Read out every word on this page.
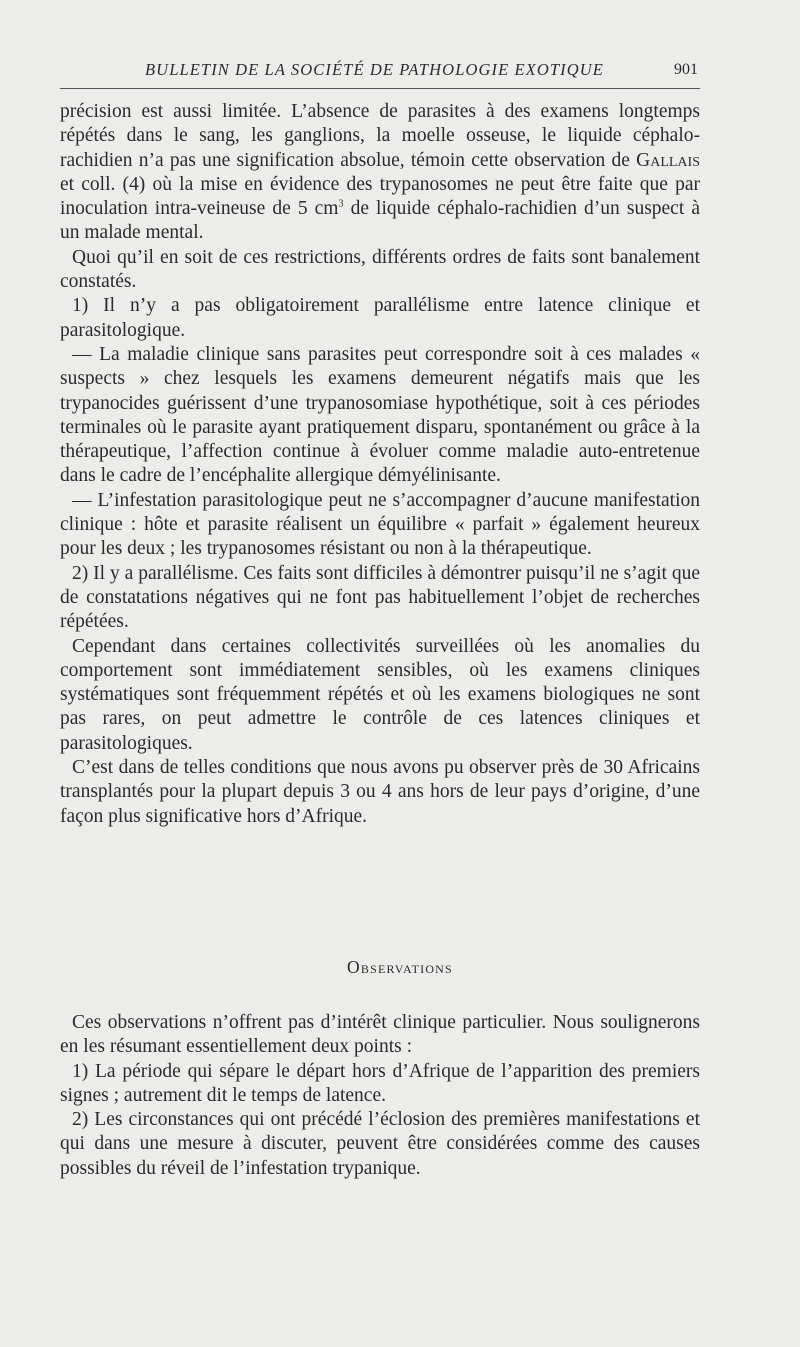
BULLETIN DE LA SOCIÉTÉ DE PATHOLOGIE EXOTIQUE	901

précision est aussi limitée. L’absence de parasites à des examens longtemps répétés dans le sang, les ganglions, la moelle osseuse, le liquide céphalo-rachidien n’a pas une signification absolue, témoin cette observation de Gallais et coll. (4) où la mise en évidence des trypanosomes ne peut être faite que par inoculation intra-veineuse de 5 $cm^3$ de liquide céphalo-rachidien d’un suspect à un malade mental.

Quoi qu’il en soit de ces restrictions, différents ordres de faits sont banalement constatés.

1) Il n’y a pas obligatoirement parallélisme entre latence clinique et parasitologique.

— La maladie clinique sans parasites peut correspondre soit à ces malades « suspects » chez lesquels les examens demeurent négatifs mais que les trypanocides guérissent d’une trypanosomiase hypothétique, soit à ces périodes terminales où le parasite ayant pratiquement disparu, spontanément ou grâce à la thérapeutique, l’affection continue à évoluer comme maladie auto-entretenue dans le cadre de l’encéphalite allergique démyélinisante.

— L’infestation parasitologique peut ne s’accompagner d’aucune manifestation clinique : hôte et parasite réalisent un équilibre « parfait » également heureux pour les deux ; les trypanosomes résistant ou non à la thérapeutique.

2) Il y a parallélisme. Ces faits sont difficiles à démontrer puisqu’il ne s’agit que de constatations négatives qui ne font pas habituellement l’objet de recherches répétées.

Cependant dans certaines collectivités surveillées où les anomalies du comportement sont immédiatement sensibles, où les examens cliniques systématiques sont fréquemment répétés et où les examens biologiques ne sont pas rares, on peut admettre le contrôle de ces latences cliniques et parasitologiques.

C’est dans de telles conditions que nous avons pu observer près de 30 Africains transplantés pour la plupart depuis 3 ou 4 ans hors de leur pays d’origine, d’une façon plus significative hors d’Afrique.

Observations

Ces observations n’offrent pas d’intérêt clinique particulier. Nous soulignerons en les résumant essentiellement deux points :

1) La période qui sépare le départ hors d’Afrique de l’apparition des premiers signes ; autrement dit le temps de latence.

2) Les circonstances qui ont précédé l’éclosion des premières manifestations et qui dans une mesure à discuter, peuvent être considérées comme des causes possibles du réveil de l’infestation trypanique.
